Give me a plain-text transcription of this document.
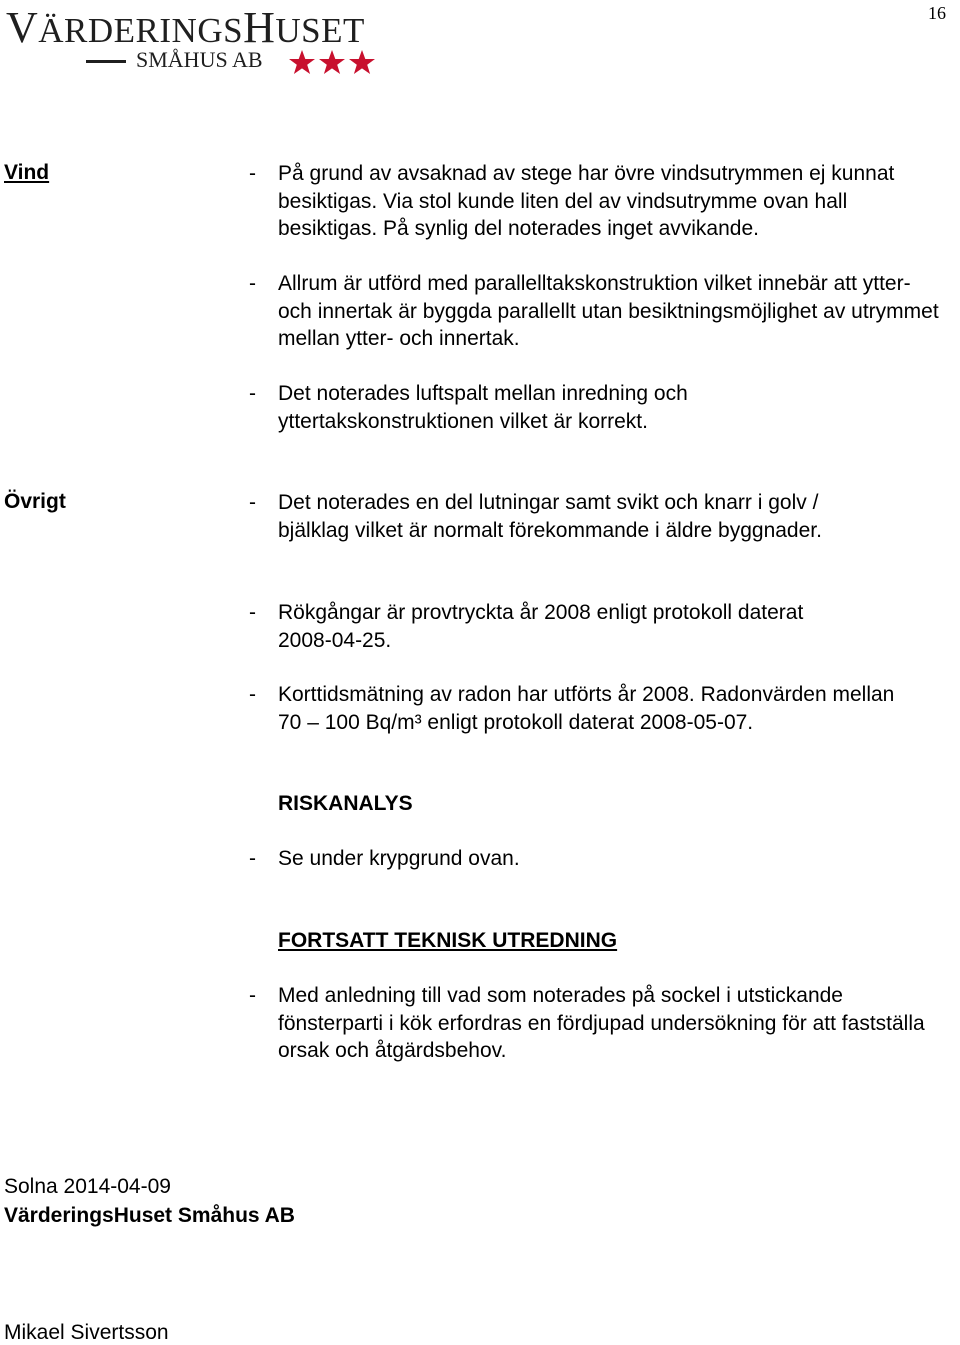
16
VÄRDERINGSHUSET
SMÅHUS AB
Vind	- På grund av avsaknad av stege har övre vindsutrymmen ej kunnat besiktigas. Via stol kunde liten del av vindsutrymme ovan hall besiktigas. På synlig del noterades inget avvikande.
- Allrum är utförd med parallelltakskonstruktion vilket innebär att ytter- och innertak är byggda parallellt utan besiktningsmöjlighet av utrymmet mellan ytter- och innertak.
- Det noterades luftspalt mellan inredning och yttertakskonstruktionen vilket är korrekt.
Övrigt	- Det noterades en del lutningar samt svikt och knarr i golv / bjälklag vilket är normalt förekommande i äldre byggnader.
- Rökgångar är provtryckta år 2008 enligt protokoll daterat 2008-04-25.
- Korttidsmätning av radon har utförts år 2008. Radonvärden mellan 70 – 100 Bq/m³ enligt protokoll daterat 2008-05-07.
RISKANALYS
- Se under krypgrund ovan.
FORTSATT TEKNISK UTREDNING
- Med anledning till vad som noterades på sockel i utstickande fönsterparti i kök erfordras en fördjupad undersökning för att fastställa orsak och åtgärdsbehov.
Solna 2014-04-09
VärderingsHuset Småhus AB
Mikael Sivertsson
